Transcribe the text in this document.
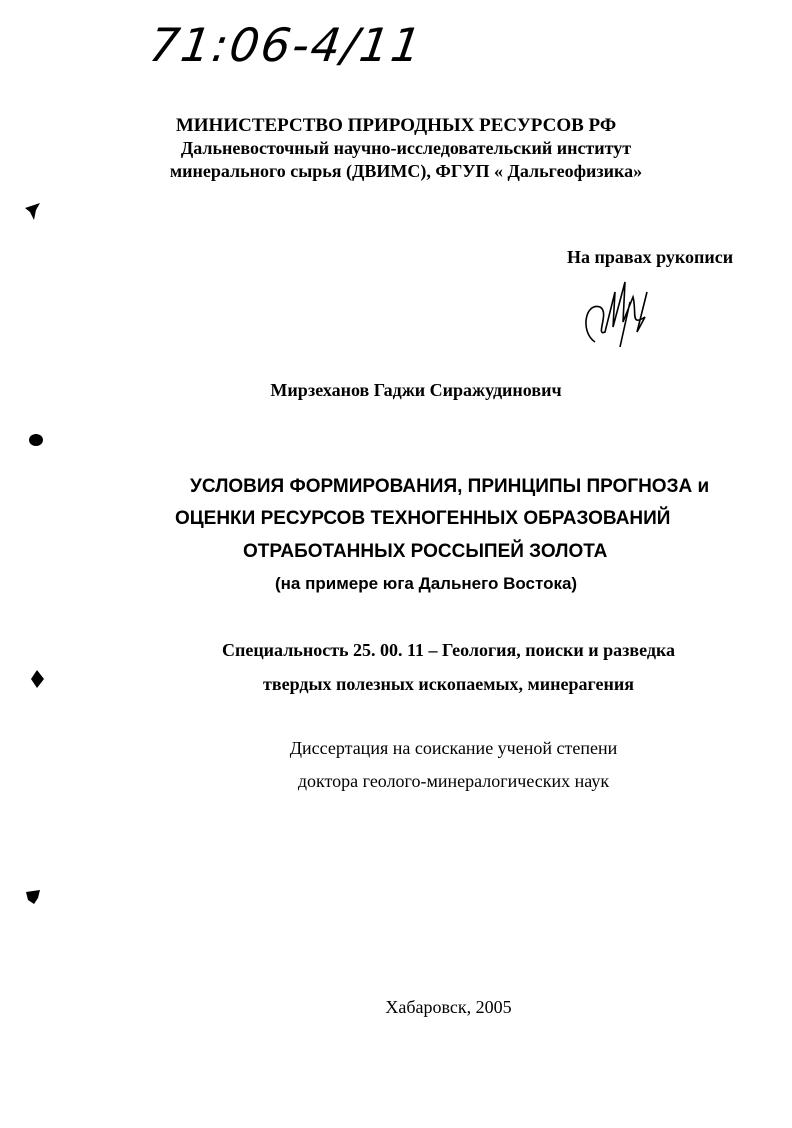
71:06-4/11
МИНИСТЕРСТВО ПРИРОДНЫХ РЕСУРСОВ РФ
Дальневосточный научно-исследовательский институт
минерального сырья (ДВИМС), ФГУП « Дальгеофизика»
На правах рукописи
Мирзеханов Гаджи Сиражудинович
УСЛОВИЯ ФОРМИРОВАНИЯ, ПРИНЦИПЫ ПРОГНОЗА и
ОЦЕНКИ РЕСУРСОВ ТЕХНОГЕННЫХ ОБРАЗОВАНИЙ
ОТРАБОТАННЫХ РОССЫПЕЙ ЗОЛОТА
(на примере юга Дальнего Востока)
Специальность 25. 00. 11 – Геология, поиски и разведка
твердых полезных ископаемых, минерагения
Диссертация на соискание ученой степени
доктора геолого-минералогических наук
Хабаровск, 2005
